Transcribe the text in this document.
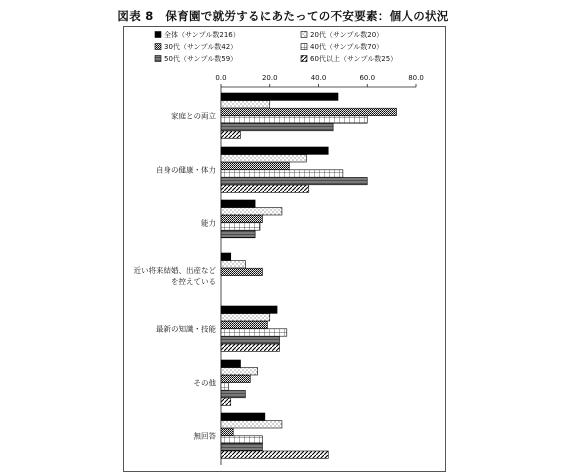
図表 8　保育園で就労するにあたっての不安要素：個人の状況
全体（サンプル数216）	20代（サンプル数20）
30代（サンプル数42）	40代（サンプル数70）
50代（サンプル数59）	60代以上（サンプル数25）
0.0	20.0	40.0	60.0	80.0
家庭との両立
自身の健康・体力
能力
近い将来結婚、出産など
を控えている
最新の知識・技能
その他
無回答
